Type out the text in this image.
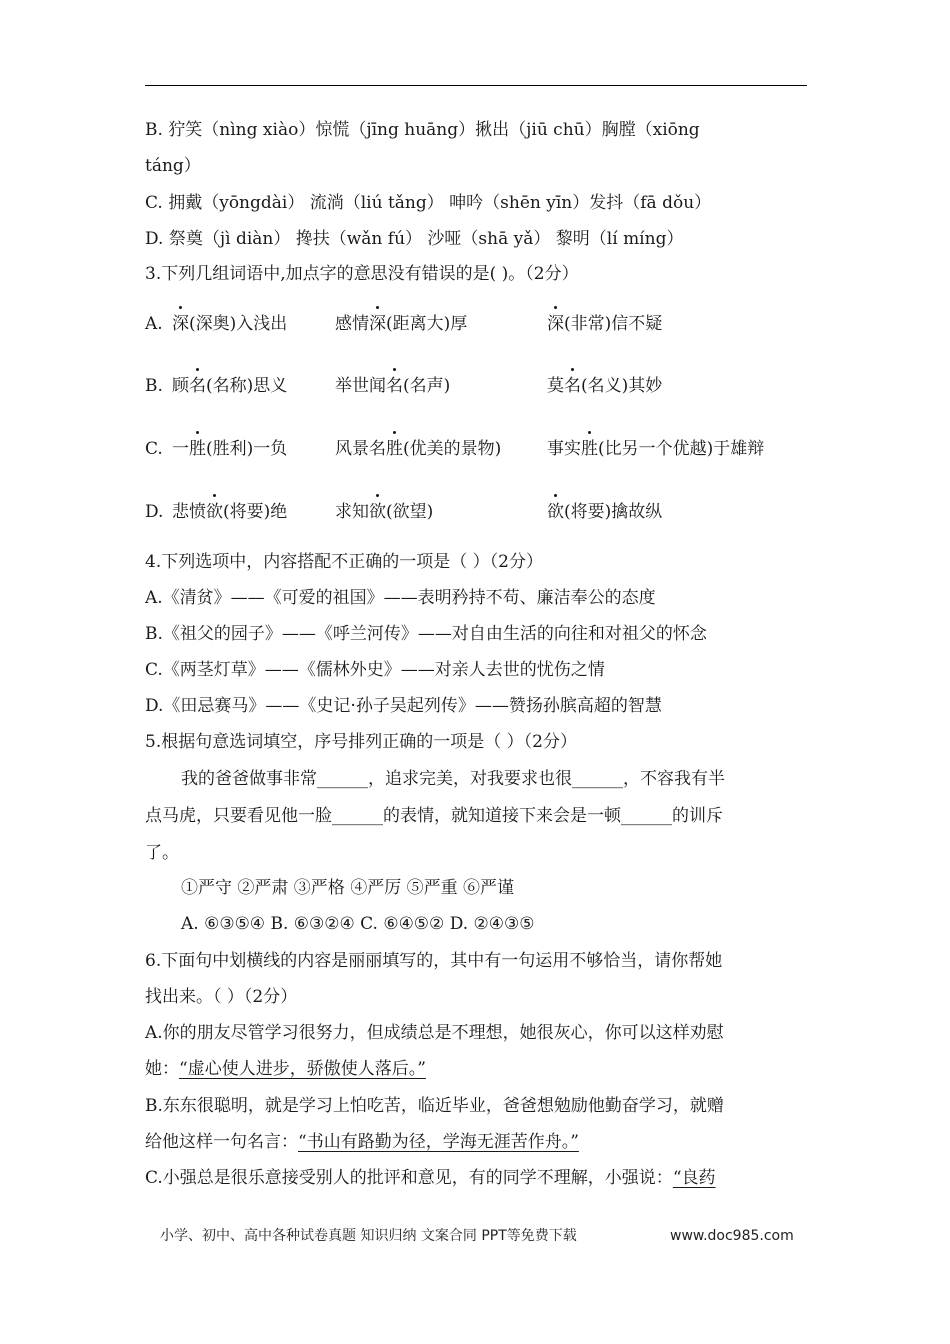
B. 狞笑（nìng xiào）惊慌（jīng huāng）揪出（jiū chū）胸膛（xiōng
táng）
C. 拥戴（yōngdài） 流淌（liú tǎng） 呻吟（shēn yīn）发抖（fā dǒu）
D. 祭奠（jì diàn） 搀扶（wǎn fú） 沙哑（shā yǎ） 黎明（lí míng）
3.下列几组词语中,加点字的意思没有错误的是( )。（2分）
A. 深(深奥)入浅出	感情深(距离大)厚	深(非常)信不疑
B. 顾名(名称)思义	举世闻名(名声)	莫名(名义)其妙
C. 一胜(胜利)一负	风景名胜(优美的景物)	事实胜(比另一个优越)于雄辩
D. 悲愤欲(将要)绝	求知欲(欲望)	欲(将要)擒故纵
4.下列选项中，内容搭配不正确的一项是（ ）（2分）
A.《清贫》——《可爱的祖国》——表明矜持不苟、廉洁奉公的态度
B.《祖父的园子》——《呼兰河传》——对自由生活的向往和对祖父的怀念
C.《两茎灯草》——《儒林外史》——对亲人去世的忧伤之情
D.《田忌赛马》——《史记·孙子吴起列传》——赞扬孙膑高超的智慧
5.根据句意选词填空，序号排列正确的一项是（ ）（2分）
我的爸爸做事非常______，追求完美，对我要求也很______，不容我有半
点马虎，只要看见他一脸______的表情，就知道接下来会是一顿______的训斥
了。
①严守 ②严肃 ③严格 ④严厉 ⑤严重 ⑥严谨
A. ⑥③⑤④ B. ⑥③②④ C. ⑥④⑤② D. ②④③⑤
6.下面句中划横线的内容是丽丽填写的，其中有一句运用不够恰当，请你帮她
找出来。（ ）（2分）
A.你的朋友尽管学习很努力，但成绩总是不理想，她很灰心，你可以这样劝慰
她：“虚心使人进步，骄傲使人落后。”
B.东东很聪明，就是学习上怕吃苦，临近毕业，爸爸想勉励他勤奋学习，就赠
给他这样一句名言：“书山有路勤为径，学海无涯苦作舟。”
C.小强总是很乐意接受别人的批评和意见，有的同学不理解，小强说：“良药
小学、初中、高中各种试卷真题 知识归纳 文案合同 PPT等免费下载	www.doc985.com
